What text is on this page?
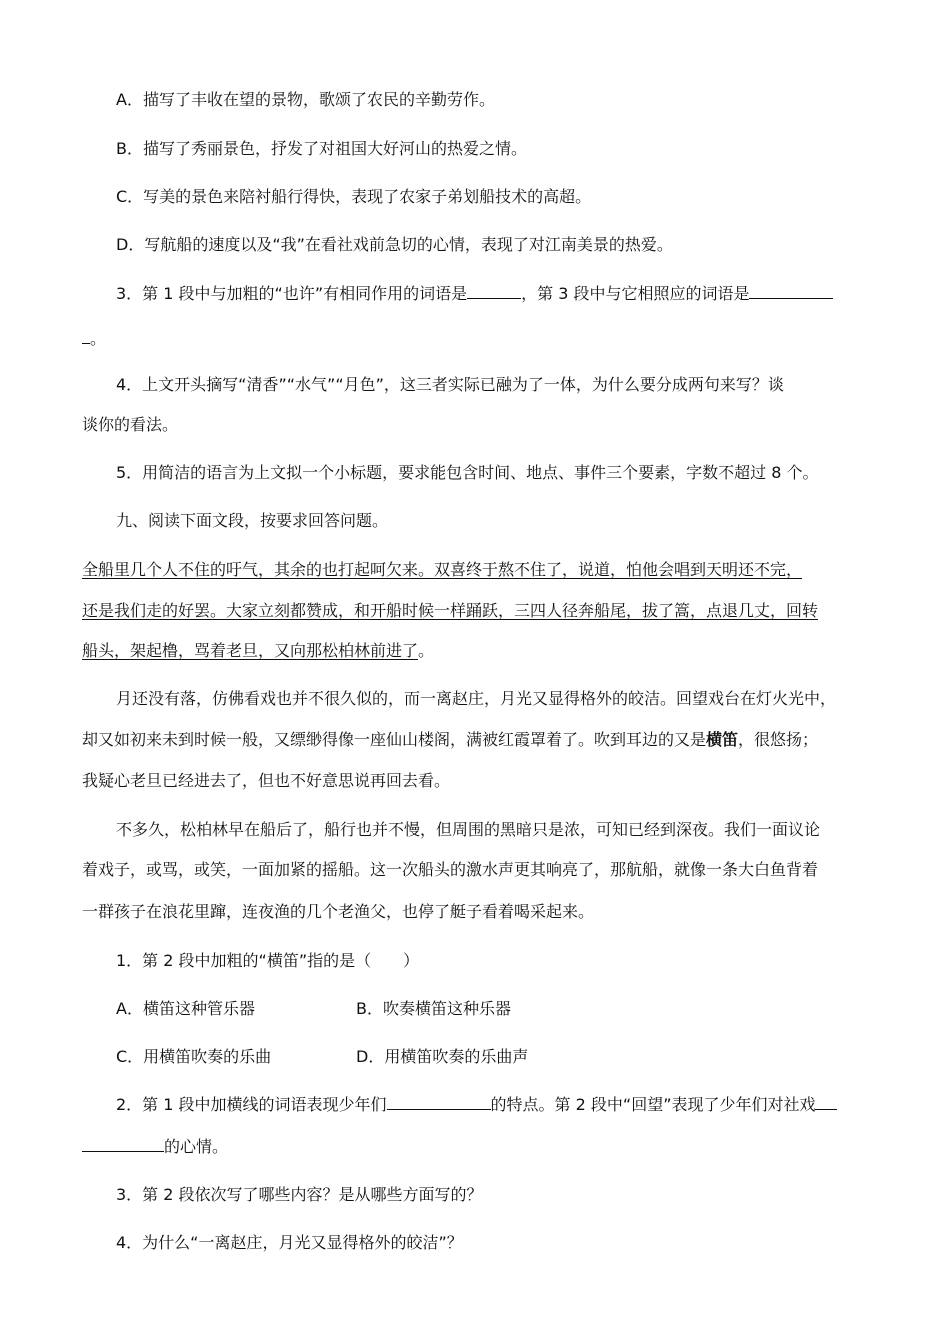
A．描写了丰收在望的景物，歌颂了农民的辛勤劳作。
B．描写了秀丽景色，抒发了对祖国大好河山的热爱之情。
C．写美的景色来陪衬船行得快，表现了农家子弟划船技术的高超。
D．写航船的速度以及“我”在看社戏前急切的心情，表现了对江南美景的热爱。
3．第 1 段中与加粗的“也许”有相同作用的词语是	，第 3 段中与它相照应的词语是
。
4．上文开头摘写“清香”“水气”“月色”，这三者实际已融为了一体，为什么要分成两句来写？谈
谈你的看法。
5．用简洁的语言为上文拟一个小标题，要求能包含时间、地点、事件三个要素，字数不超过 8 个。
九、阅读下面文段，按要求回答问题。
全船里几个人不住的吁气，其余的也打起呵欠来。双喜终于熬不住了，说道，怕他会唱到天明还不完，
还是我们走的好罢。大家立刻都赞成，和开船时候一样踊跃，三四人径奔船尾，拔了篙，点退几丈，回转
船头，架起橹，骂着老旦，又向那松柏林前进了。
月还没有落，仿佛看戏也并不很久似的，而一离赵庄，月光又显得格外的皎洁。回望戏台在灯火光中，
却又如初来未到时候一般，又缥缈得像一座仙山楼阁，满被红霞罩着了。吹到耳边的又是横笛，很悠扬；
我疑心老旦已经进去了，但也不好意思说再回去看。
不多久，松柏林早在船后了，船行也并不慢，但周围的黑暗只是浓，可知已经到深夜。我们一面议论
着戏子，或骂，或笑，一面加紧的摇船。这一次船头的激水声更其响亮了，那航船，就像一条大白鱼背着
一群孩子在浪花里蹿，连夜渔的几个老渔父，也停了艇子看着喝采起来。
1．第 2 段中加粗的“横笛”指的是（　　）
A．横笛这种管乐器	B．吹奏横笛这种乐器
C．用横笛吹奏的乐曲	D．用横笛吹奏的乐曲声
2．第 1 段中加横线的词语表现少年们	的特点。第 2 段中“回望”表现了少年们对社戏
的心情。
3．第 2 段依次写了哪些内容？是从哪些方面写的？
4．为什么“一离赵庄，月光又显得格外的皎洁”？
